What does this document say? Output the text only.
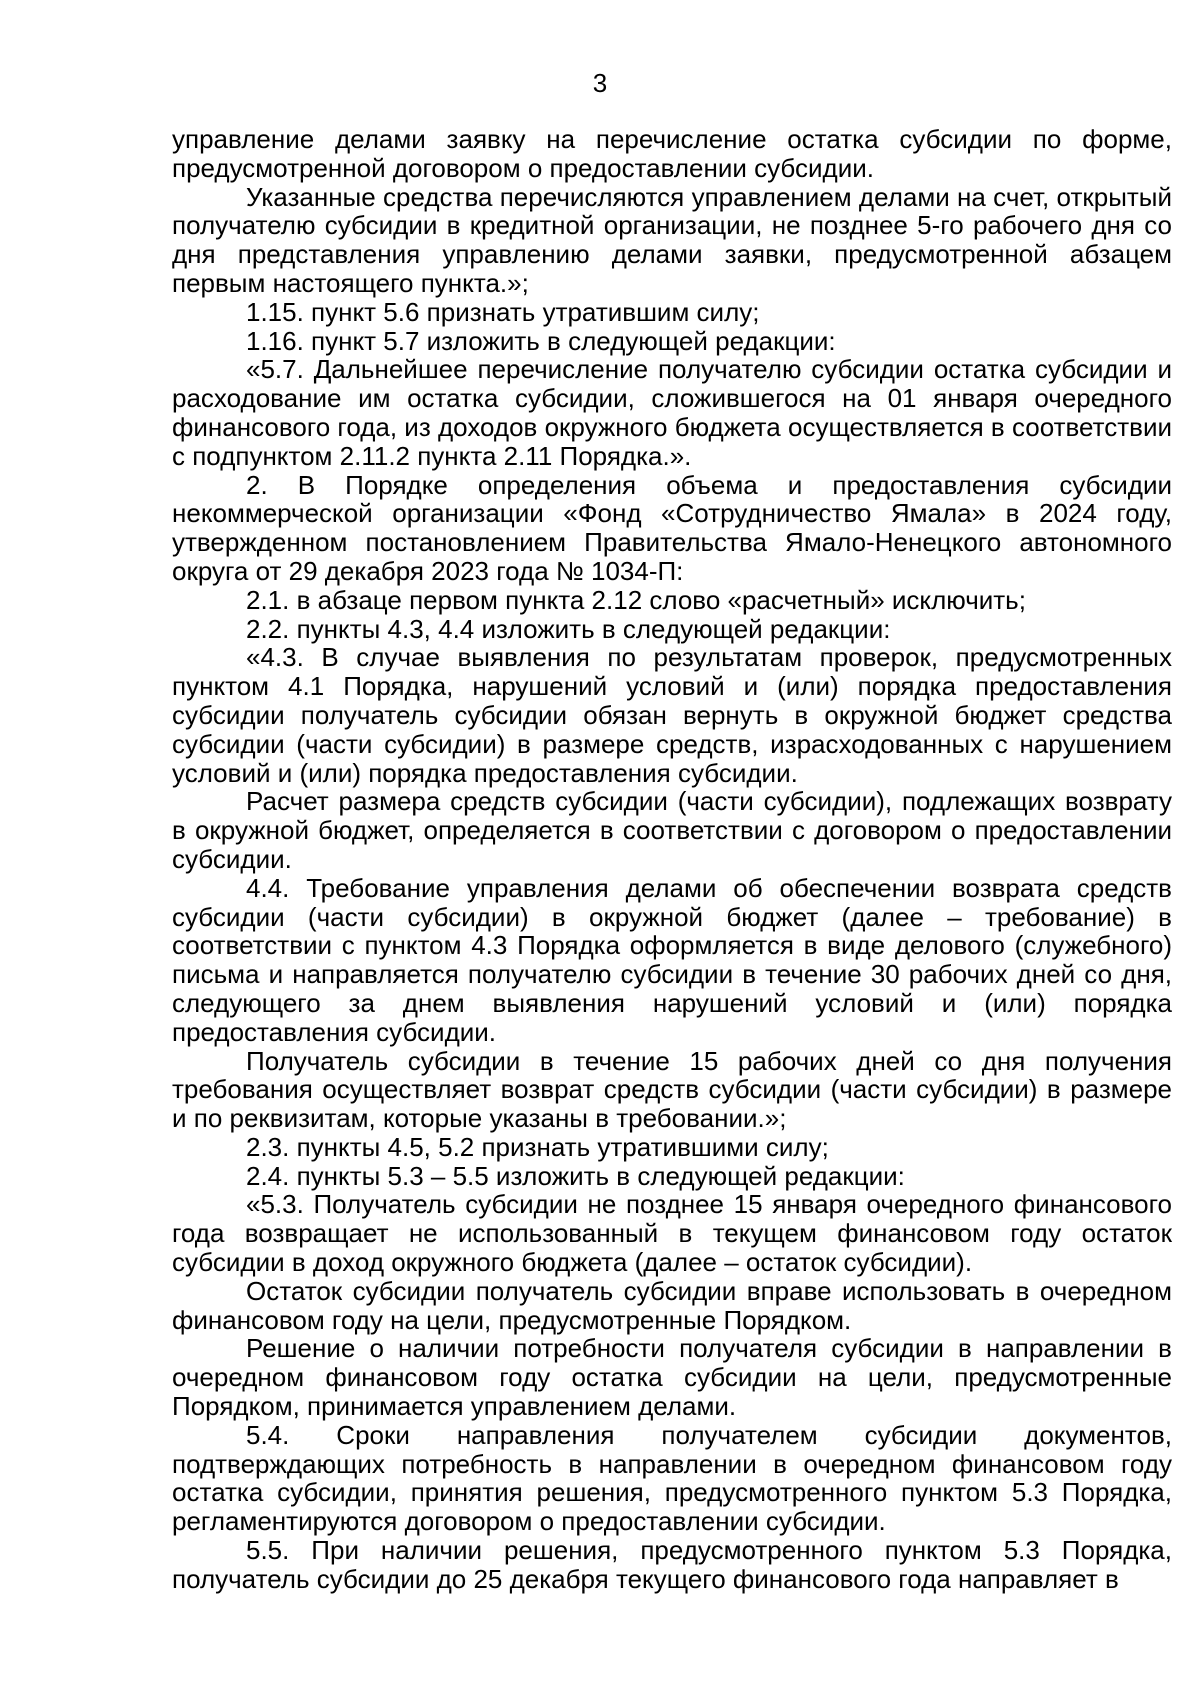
3

управление делами заявку на перечисление остатка субсидии по форме, предусмотренной договором о предоставлении субсидии.

Указанные средства перечисляются управлением делами на счет, открытый получателю субсидии в кредитной организации, не позднее 5-го рабочего дня со дня представления управлению делами заявки, предусмотренной абзацем первым настоящего пункта.»;

1.15. пункт 5.6 признать утратившим силу;

1.16. пункт 5.7 изложить в следующей редакции:

«5.7. Дальнейшее перечисление получателю субсидии остатка субсидии и расходование им остатка субсидии, сложившегося на 01 января очередного финансового года, из доходов окружного бюджета осуществляется в соответствии с подпунктом 2.11.2 пункта 2.11 Порядка.».

2. В Порядке определения объема и предоставления субсидии некоммерческой организации «Фонд «Сотрудничество Ямала» в 2024 году, утвержденном постановлением Правительства Ямало-Ненецкого автономного округа от 29 декабря 2023 года № 1034-П:

2.1. в абзаце первом пункта 2.12 слово «расчетный» исключить;

2.2. пункты 4.3, 4.4 изложить в следующей редакции:

«4.3. В случае выявления по результатам проверок, предусмотренных пунктом 4.1 Порядка, нарушений условий и (или) порядка предоставления субсидии получатель субсидии обязан вернуть в окружной бюджет средства субсидии (части субсидии) в размере средств, израсходованных с нарушением условий и (или) порядка предоставления субсидии.

Расчет размера средств субсидии (части субсидии), подлежащих возврату в окружной бюджет, определяется в соответствии с договором о предоставлении субсидии.

4.4. Требование управления делами об обеспечении возврата средств субсидии (части субсидии) в окружной бюджет (далее – требование) в соответствии с пунктом 4.3 Порядка оформляется в виде делового (служебного) письма и направляется получателю субсидии в течение 30 рабочих дней со дня, следующего за днем выявления нарушений условий и (или) порядка предоставления субсидии.

Получатель субсидии в течение 15 рабочих дней со дня получения требования осуществляет возврат средств субсидии (части субсидии) в размере и по реквизитам, которые указаны в требовании.»;

2.3. пункты 4.5, 5.2 признать утратившими силу;

2.4. пункты 5.3 – 5.5 изложить в следующей редакции:

«5.3. Получатель субсидии не позднее 15 января очередного финансового года возвращает не использованный в текущем финансовом году остаток субсидии в доход окружного бюджета (далее – остаток субсидии).

Остаток субсидии получатель субсидии вправе использовать в очередном финансовом году на цели, предусмотренные Порядком.

Решение о наличии потребности получателя субсидии в направлении в очередном финансовом году остатка субсидии на цели, предусмотренные Порядком, принимается управлением делами.

5.4. Сроки направления получателем субсидии документов, подтверждающих потребность в направлении в очередном финансовом году остатка субсидии, принятия решения, предусмотренного пунктом 5.3 Порядка, регламентируются договором о предоставлении субсидии.

5.5. При наличии решения, предусмотренного пунктом 5.3 Порядка, получатель субсидии до 25 декабря текущего финансового года направляет в
